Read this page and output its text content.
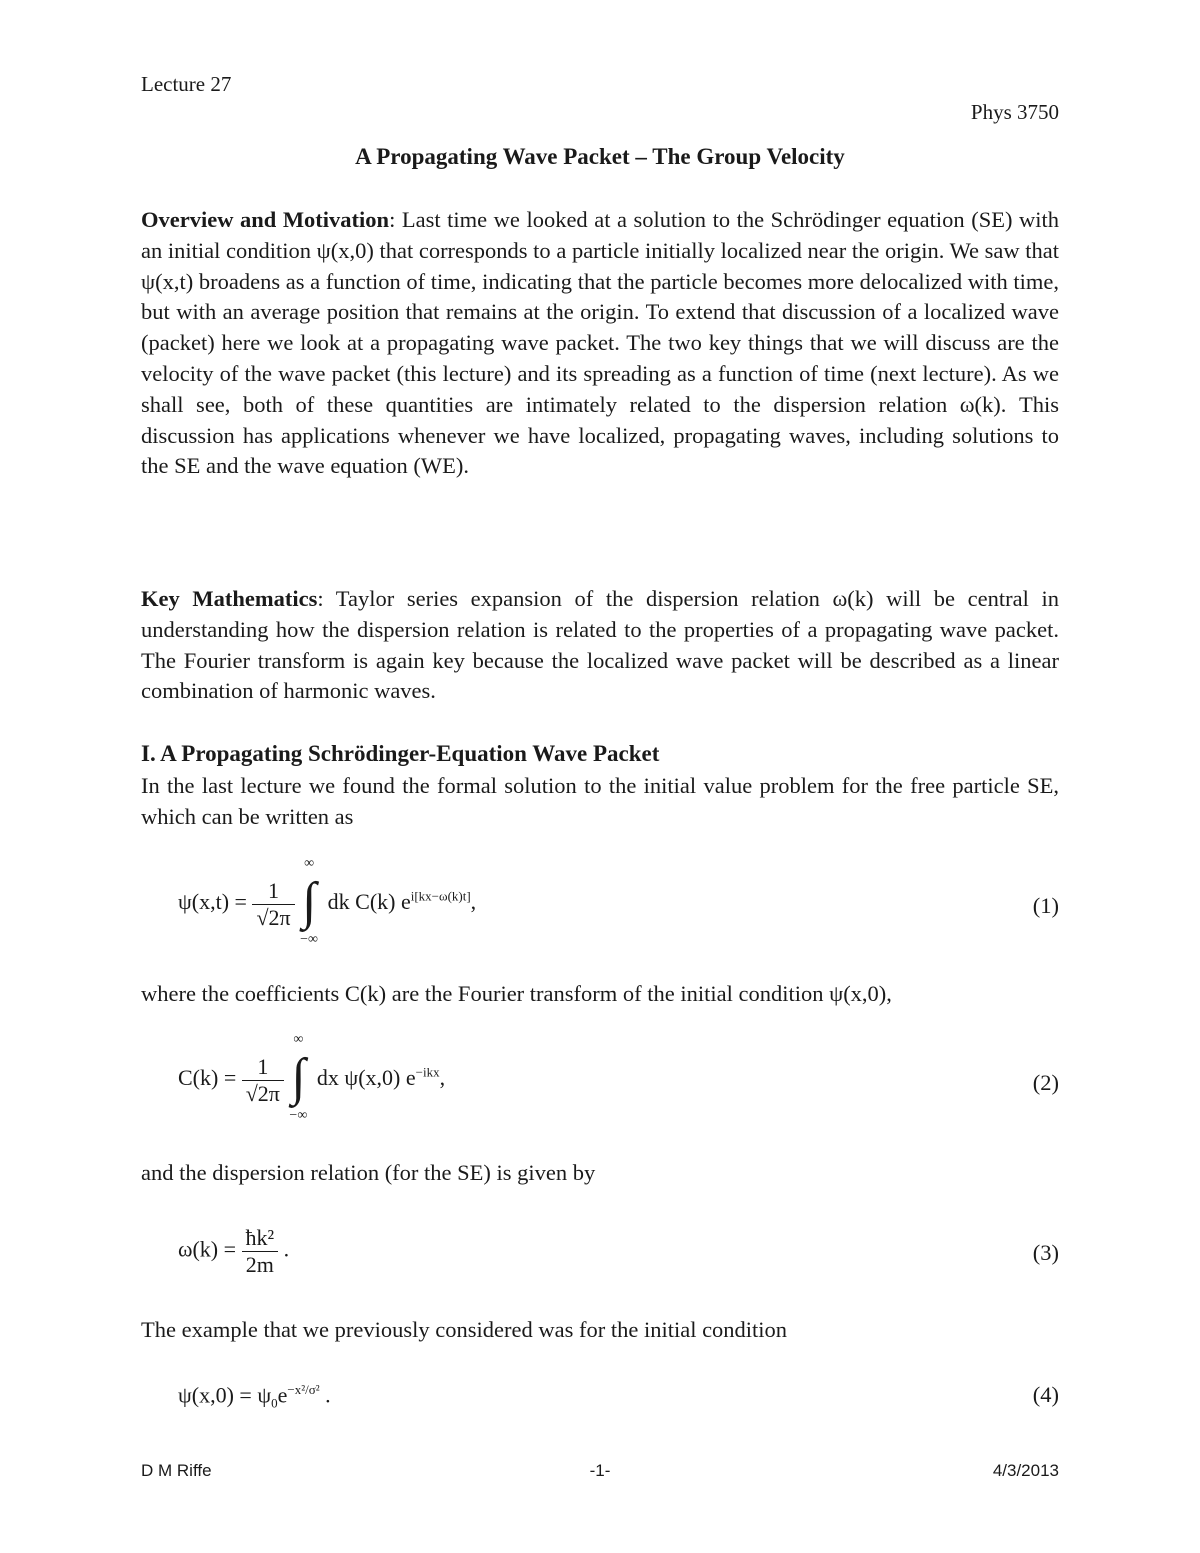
Lecture 27
Phys 3750
A Propagating Wave Packet – The Group Velocity
Overview and Motivation: Last time we looked at a solution to the Schrödinger equation (SE) with an initial condition ψ(x,0) that corresponds to a particle initially localized near the origin. We saw that ψ(x,t) broadens as a function of time, indicating that the particle becomes more delocalized with time, but with an average position that remains at the origin. To extend that discussion of a localized wave (packet) here we look at a propagating wave packet. The two key things that we will discuss are the velocity of the wave packet (this lecture) and its spreading as a function of time (next lecture). As we shall see, both of these quantities are intimately related to the dispersion relation ω(k). This discussion has applications whenever we have localized, propagating waves, including solutions to the SE and the wave equation (WE).
Key Mathematics: Taylor series expansion of the dispersion relation ω(k) will be central in understanding how the dispersion relation is related to the properties of a propagating wave packet. The Fourier transform is again key because the localized wave packet will be described as a linear combination of harmonic waves.
I. A Propagating Schrödinger-Equation Wave Packet
In the last lecture we found the formal solution to the initial value problem for the free particle SE, which can be written as
$\psi(x,t) = \frac{1}{√2\pi}$

∞
∫
−∞
dk C(k) $e^{i[kx-\omega(k)t]}$,	(1)
where the coefficients C(k) are the Fourier transform of the initial condition ψ(x,0),
$C(k) = \frac{1}{√2\pi}$

∞
∫
−∞
dx ψ(x,0) $e^{-ikx}$,	(2)
and the dispersion relation (for the SE) is given by
$\omega(k) = \frac{\text{ħk²}}{2m}$ .	(3)
The example that we previously considered was for the initial condition
$\psi(x,0) = \psi_0e^{-x^2/\sigma^2}$ .	(4)
D M Riffe	-1-	4/3/2013
